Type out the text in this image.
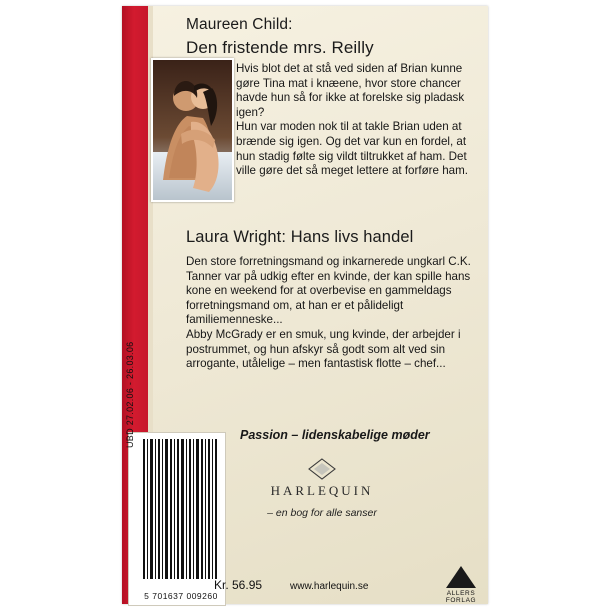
Maureen Child:
Den fristende mrs. Reilly

Hvis blot det at stå ved siden af Brian kunne gøre Tina mat i knæene, hvor store chancer havde hun så for ikke at forelske sig pladask igen?

Hun var moden nok til at takle Brian uden at brænde sig igen. Og det var kun en fordel, at hun stadig følte sig vildt tiltrukket af ham. Det ville gøre det så meget lettere at forføre ham.

Laura Wright: Hans livs handel

Den store forretningsmand og inkarnerede ungkarl C.K. Tanner var på udkig efter en kvinde, der kan spille hans kone en weekend for at overbevise en gammeldags forretningsmand om, at han er et pålideligt familiemenneske...

Abby McGrady er en smuk, ung kvinde, der arbejder i postrummet, og hun afskyr så godt som alt ved sin arrogante, utålelige – men fantastisk flotte – chef...

Passion – lidenskabelige møder
HARLEQUIN
– en bog for alle sanser
5 701637 009260
UBD 27.02.06 - 26.03.06
Kr. 56.95	www.harlequin.se
ALLERS FORLAG
